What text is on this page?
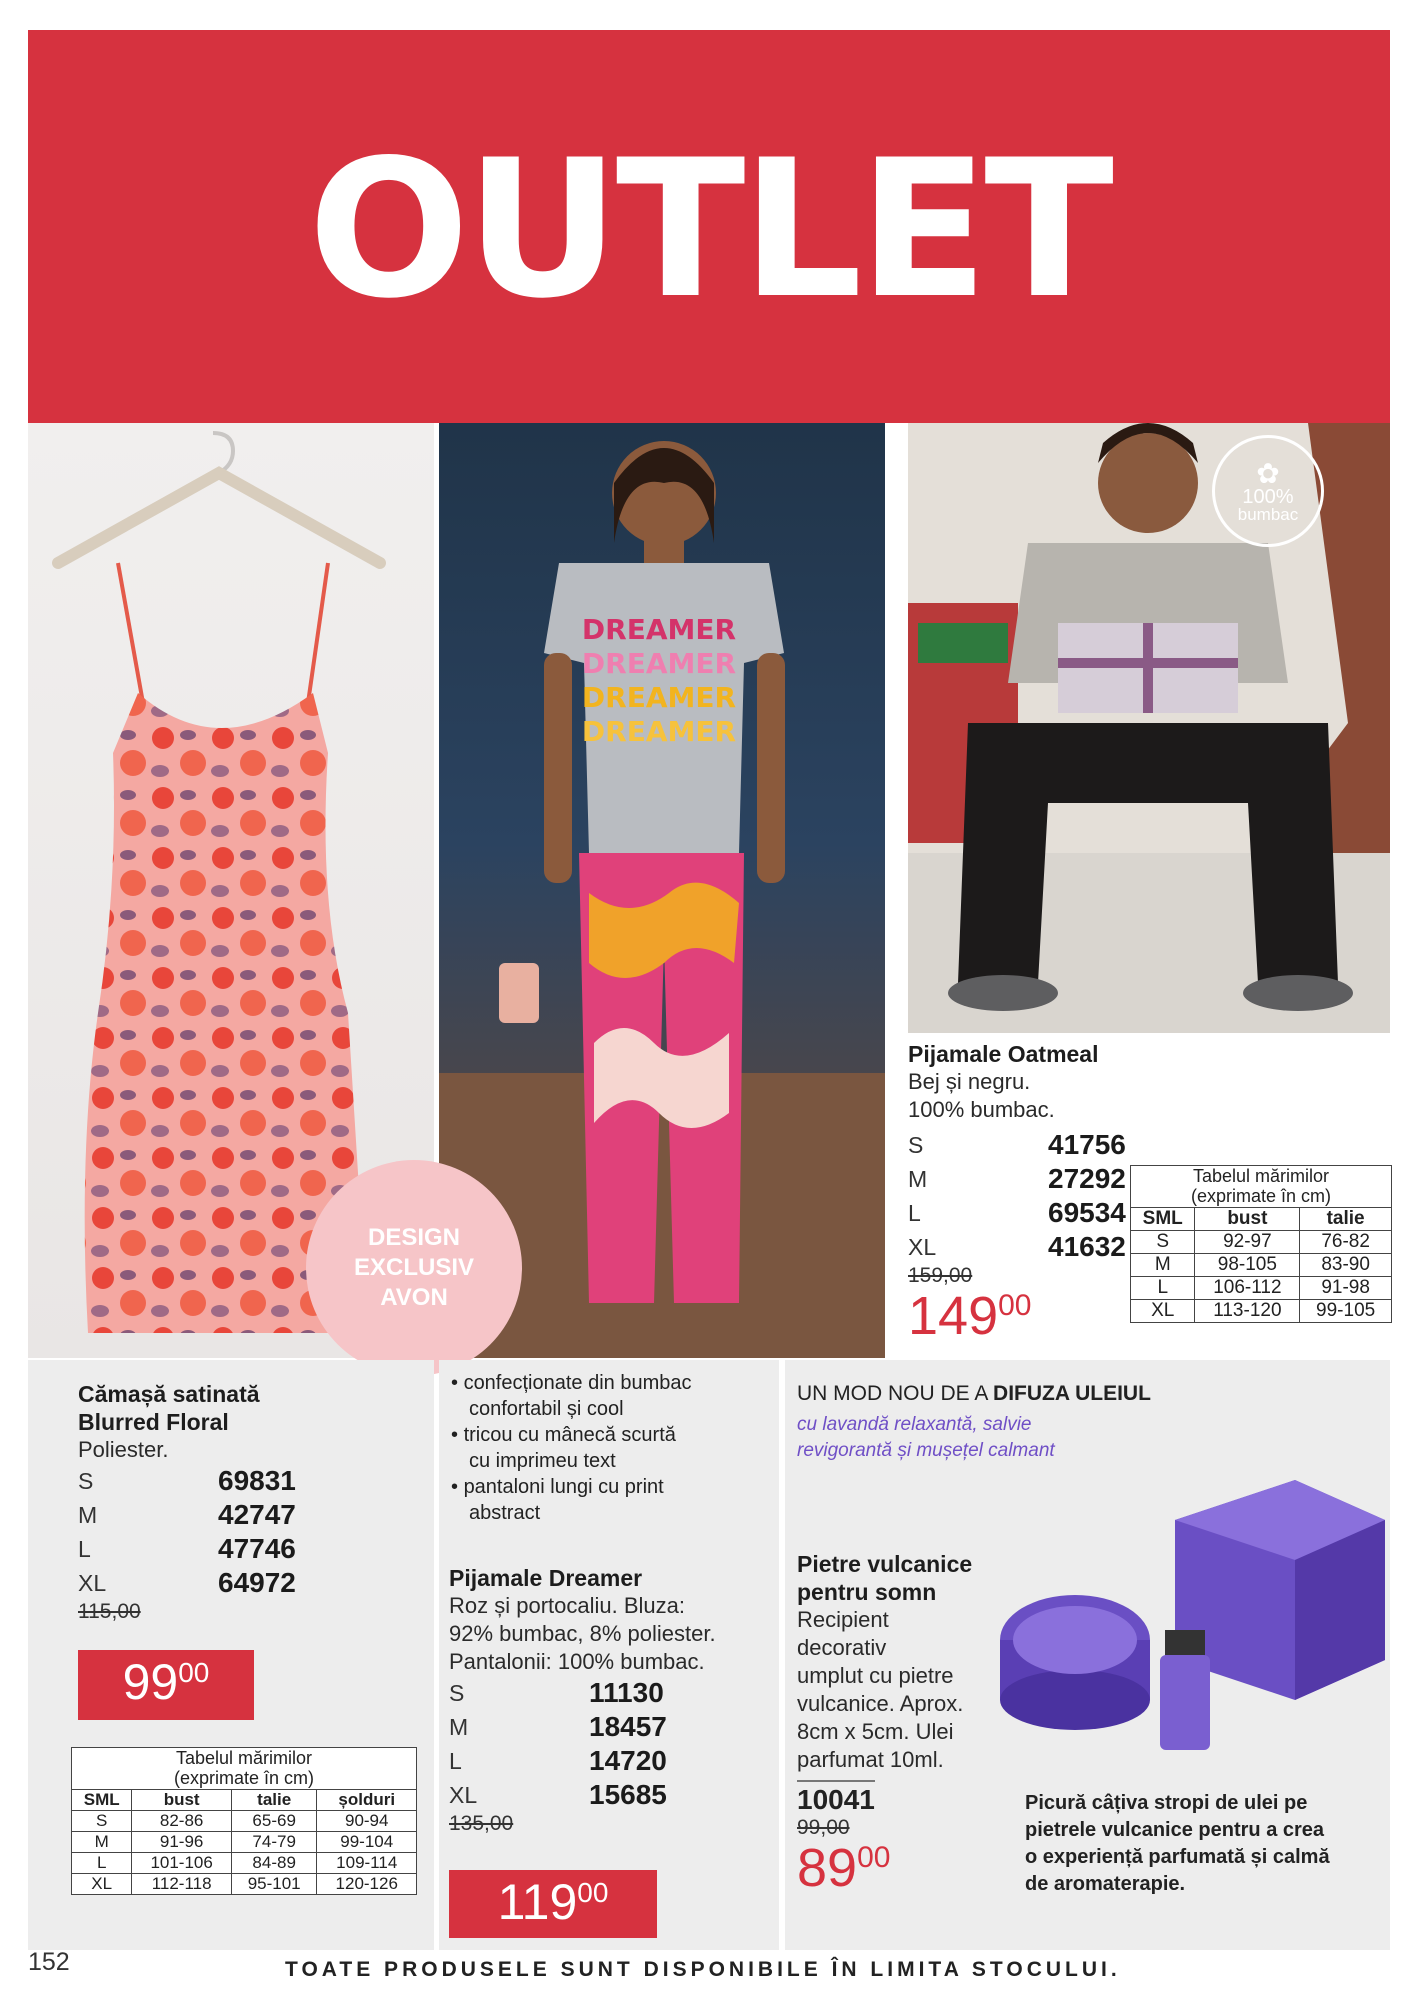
OUTLET
DREAMER
DREAMER
DREAMER
DREAMER
DESIGN
EXCLUSIV
AVON
✿
100%
bumbac
Pijamale Oatmeal
Bej și negru.
100% bumbac.
S	41756
M	27292
L	69534
XL	41632
159,00
149 00
Tabelul mărimilor		
(exprimate în cm)		
SML	bust	talie
S	92-97	76-82
M	98-105	83-90
L	106-112	91-98
XL	113-120	99-105
Cămașă satinată
Blurred Floral
Poliester.
S	69831
M	42747
L	47746
XL	64972
115,00
99 00
Tabelul mărimilor			
(exprimate în cm)			
SML	bust	talie	șolduri
S	82-86	65-69	90-94
M	91-96	74-79	99-104
L	101-106	84-89	109-114
XL	112-118	95-101	120-126
• confecționate din bumbac
confortabil și cool
• tricou cu mânecă scurtă
cu imprimeu text
• pantaloni lungi cu print
abstract
Pijamale Dreamer
Roz și portocaliu. Bluza:
92% bumbac, 8% poliester.
Pantalonii: 100% bumbac.
S	11130
M	18457
L	14720
XL	15685
135,00
119 00
UN MOD NOU DE A DIFUZA ULEIUL
cu lavandă relaxantă, salvie
revigorantă și mușețel calmant
Pietre vulcanice
pentru somn
Recipient
decorativ
umplut cu pietre
vulcanice. Aprox.
8cm x 5cm. Ulei
parfumat 10ml.
10041
99,00
89 00
Picură câțiva stropi de ulei pe
pietrele vulcanice pentru a crea
o experiență parfumată și calmă
de aromaterapie.
152	TOATE PRODUSELE SUNT DISPONIBILE ÎN LIMITA STOCULUI.
